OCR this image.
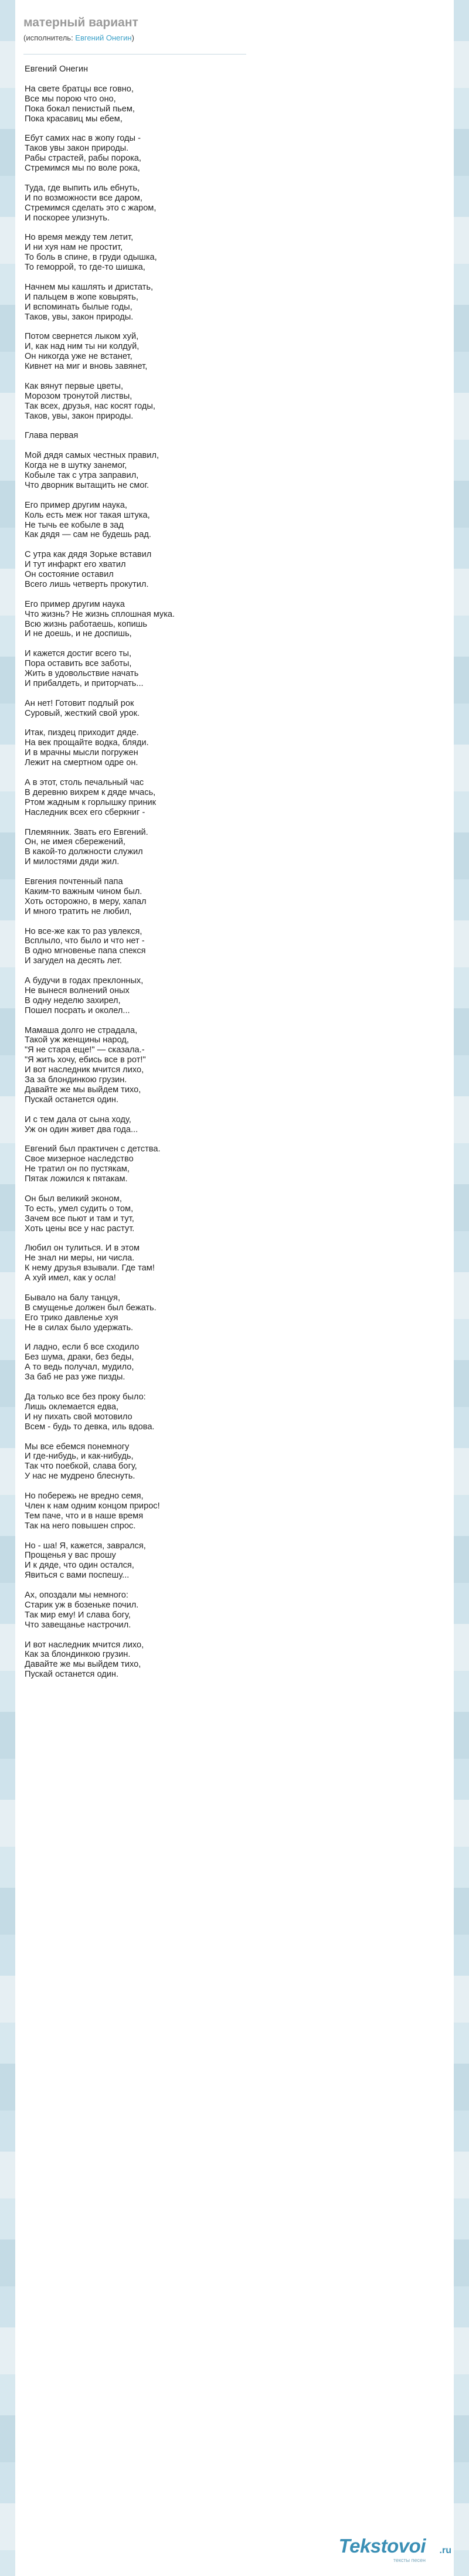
матерный вариант
(исполнитель: Евгений Онегин)
Евгений Онегин
На свете братцы все говно,
Все мы порою что оно,
Пока бокал пенистый пьем,
Пока красавиц мы ебем,
Ебут самих нас в жопу годы -
Таков увы закон природы.
Рабы страстей, рабы порока,
Стремимся мы по воле рока,
Туда, где выпить иль ебнуть,
И по возможности все даром,
Стремимся сделать это с жаром,
И поскорее улизнуть.
Но время между тем летит,
И ни хуя нам не простит,
То боль в спине, в груди одышка,
То геморрой, то где-то шишка,
Начнем мы кашлять и дристать,
И пальцем в жопе ковырять,
И вспоминать былые годы,
Таков, увы, закон природы.
Потом свернется лыком хуй,
И, как над ним ты ни колдуй,
Он никогда уже не встанет,
Кивнет на миг и вновь завянет,
Как вянут первые цветы,
Морозом тронутой листвы,
Так всех, друзья, нас косят годы,
Таков, увы, закон природы.
Глава первая
Мой дядя самых честных правил,
Когда не в шутку занемог,
Кобыле так с утра заправил,
Что дворник вытащить не смог.
Его пример другим наука,
Коль есть меж ног такая штука,
Не тычь ее кобыле в зад
Как дядя — сам не будешь рад.
С утра как дядя Зорьке вставил
И тут инфаркт его хватил
Он состояние оставил
Всего лишь четверть прокутил.
Его пример другим наука
Что жизнь? Не жизнь сплошная мука.
Всю жизнь работаешь, копишь
И не доешь, и не доспишь,
И кажется достиг всего ты,
Пора оставить все заботы,
Жить в удовольствие начать
И прибалдеть, и приторчать...
Ан нет! Готовит подлый рок
Суровый, жесткий свой урок.
Итак, пиздец приходит дяде.
На век прощайте водка, бляди.
И в мрачны мысли погружен
Лежит на смертном одре он.
А в этот, столь печальный час
В деревню вихрем к дяде мчась,
Ртом жадным к горлышку приник
Наследник всех его сберкниг -
Племянник. Звать его Евгений.
Он, не имея сбережений,
В какой-то должности служил
И милостями дяди жил.
Евгения почтенный папа
Каким-то важным чином был.
Хоть осторожно, в меру, хапал
И много тратить не любил,
Но все-же как то раз увлекся,
Всплыло, что было и что нет -
В одно мгновенье папа спекся
И загудел на десять лет.
А будучи в годах преклонных,
Не вынеся волнений оных
В одну неделю захирел,
Пошел посрать и околел...
Мамаша долго не страдала,
Такой уж женщины народ,
"Я не стара еще!" — сказала.-
"Я жить хочу, ебись все в рот!"
И вот наследник мчится лихо,
За за блондинкою грузин.
Давайте же мы выйдем тихо,
Пускай останется один.
И с тем дала от сына ходу,
Уж он один живет два года...
Евгений был практичен с детства.
Свое мизерное наследство
Не тратил он по пустякам,
Пятак ложился к пятакам.
Он был великий эконом,
То есть, умел судить о том,
Зачем все пьют и там и тут,
Хоть цены все у нас растут.
Любил он тулиться. И в этом
Не знал ни меры, ни числа.
К нему друзья взывали. Где там!
А хуй имел, как у осла!
Бывало на балу танцуя,
В смущенье должен был бежать.
Его трико давленье хуя
Не в силах было удержать.
И ладно, если б все сходило
Без шума, драки, без беды,
А то ведь получал, мудило,
За баб не раз уже пизды.
Да только все без проку было:
Лишь оклемается едва,
И ну пихать свой мотовило
Всем - будь то девка, иль вдова.
Мы все ебемся понемногу
И где-нибудь, и как-нибудь,
Так что поебкой, слава богу,
У нас не мудрено блеснуть.
Но побережь не вредно семя,
Член к нам одним концом прирос!
Тем паче, что и в наше время
Так на него повышен спрос.
Но - ша! Я, кажется, заврался,
Прощенья у вас прошу
И к дяде, что один остался,
Явиться с вами поспешу...
Ах, опоздали мы немного:
Старик уж в бозеньке почил.
Так мир ему! И слава богу,
Что завещанье настрочил.
И вот наследник мчится лихо,
Как за блондинкою грузин.
Давайте же мы выйдем тихо,
Пускай останется один.
Tekstovoi .ru
тексты песен
